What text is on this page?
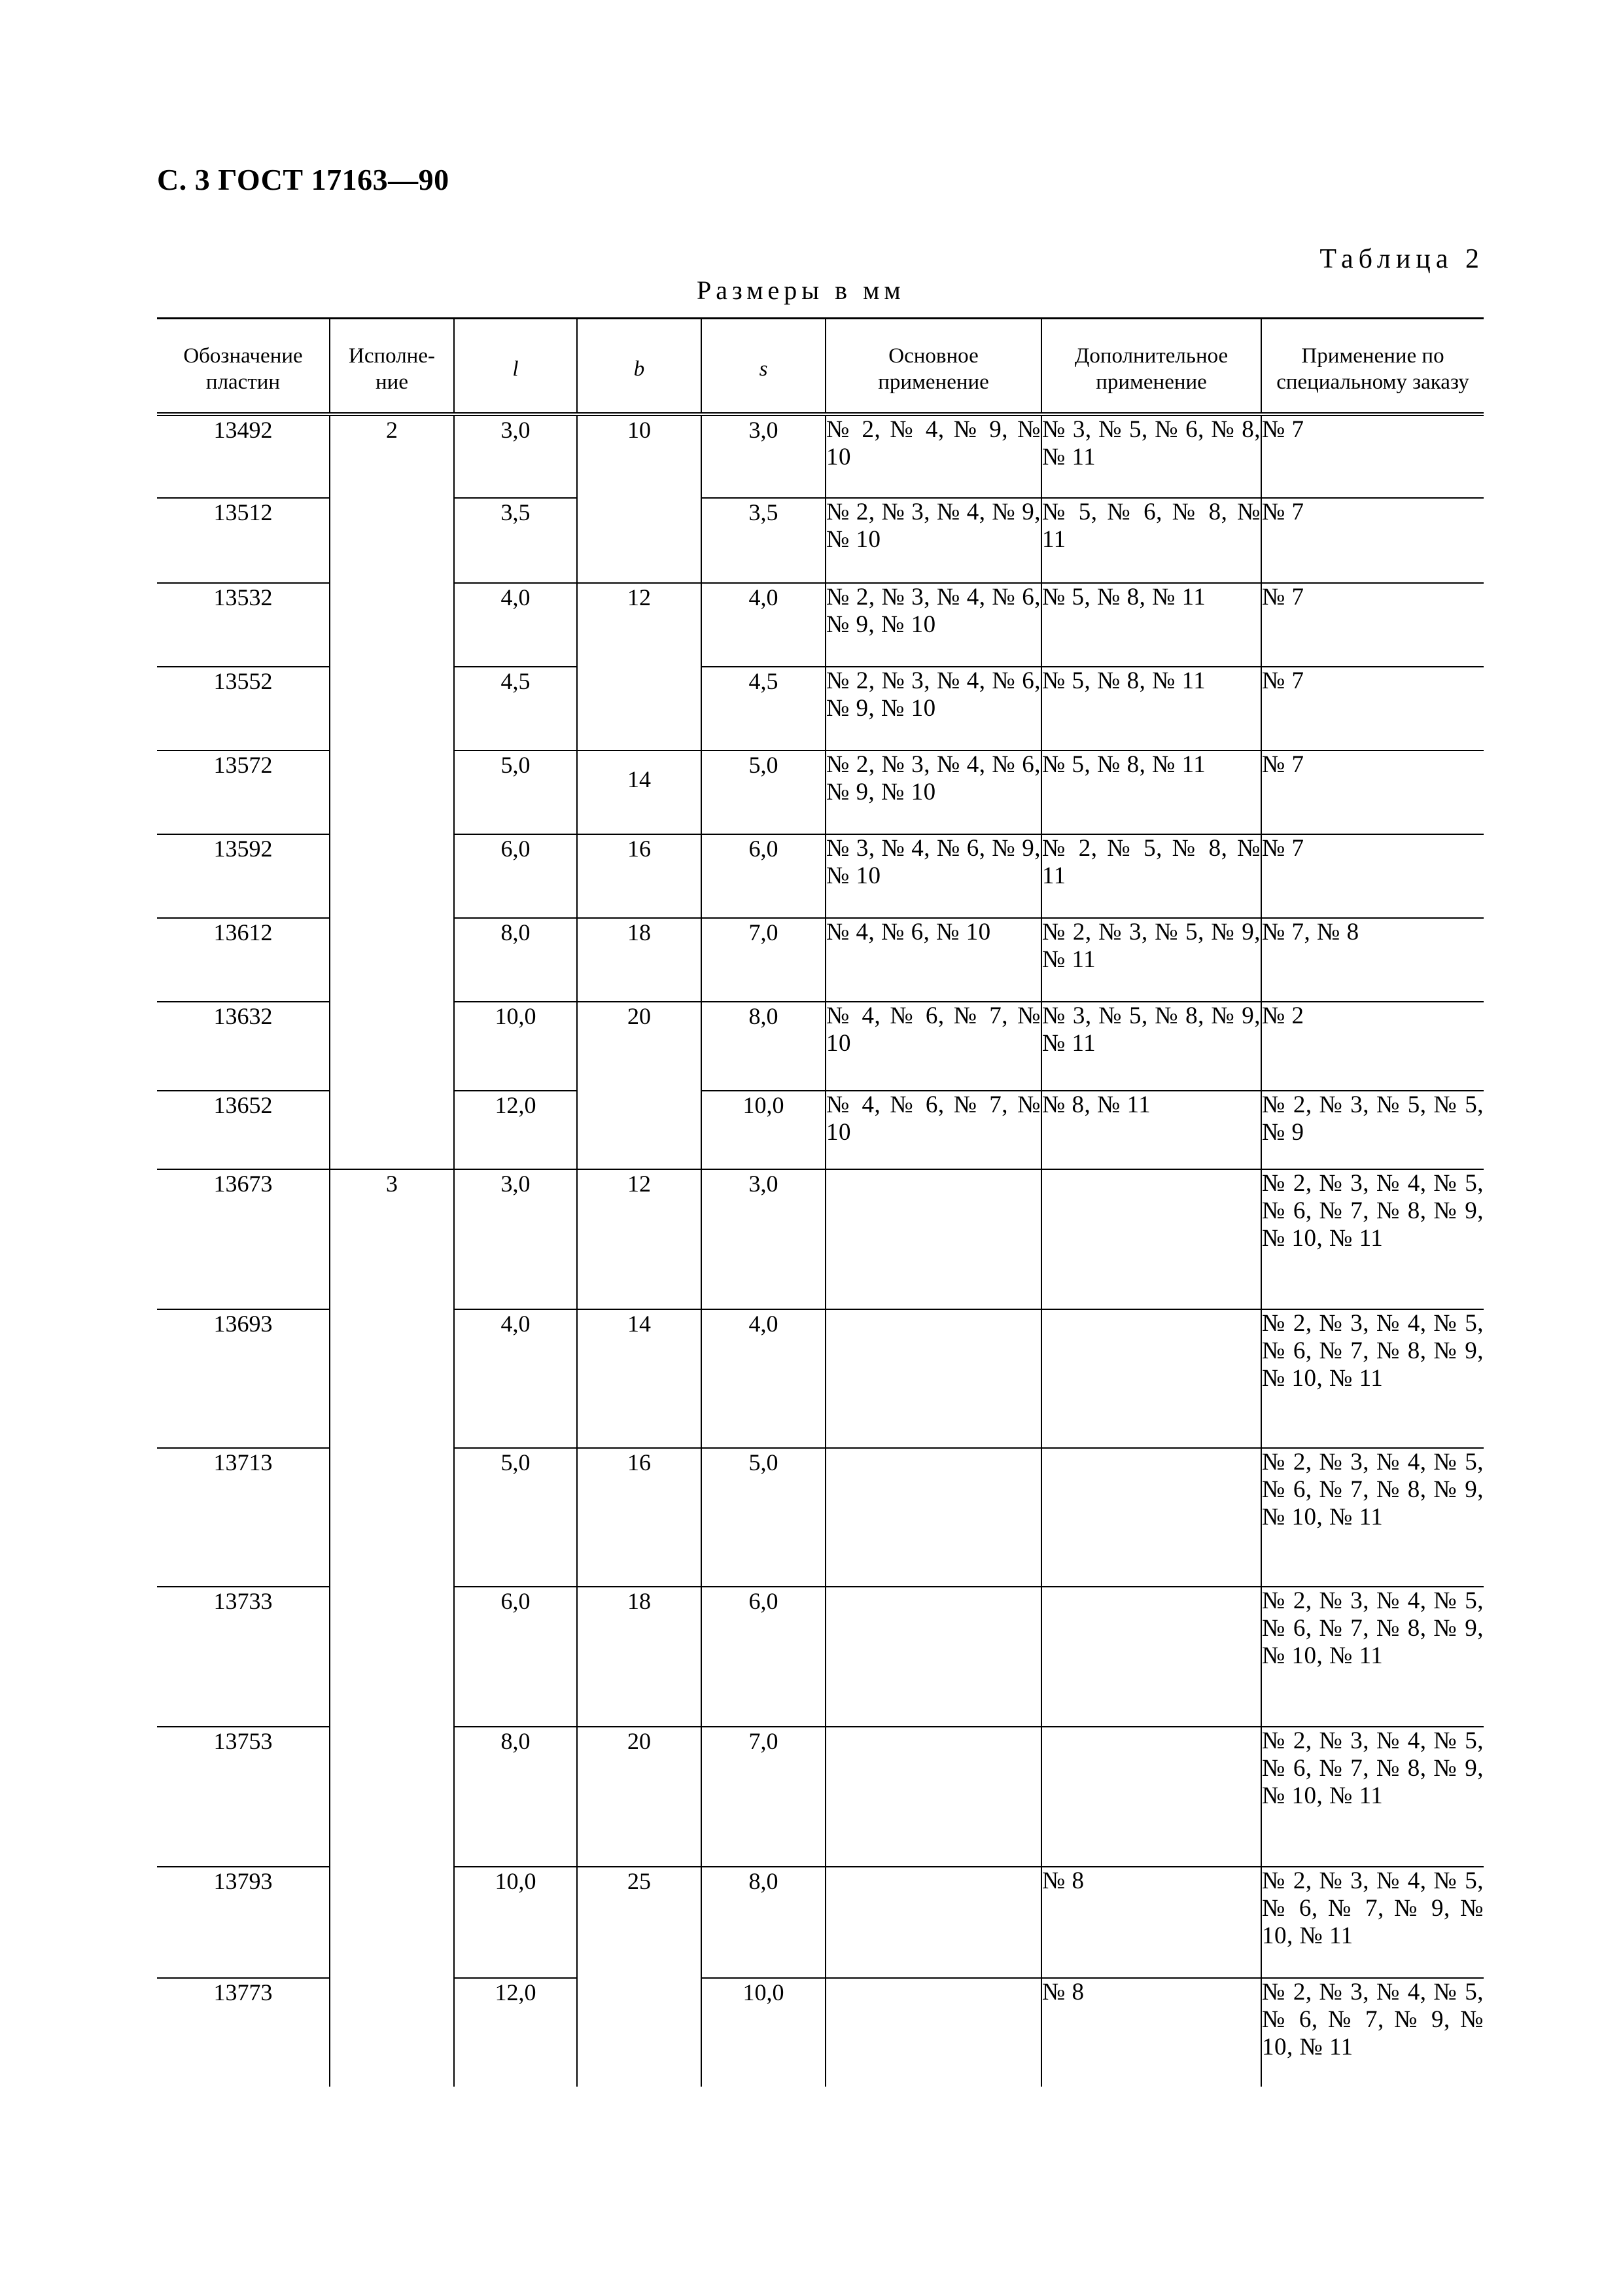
С. 3 ГОСТ 17163—90
Таблица 2
Размеры в мм
Обозначение пластин	Исполне-ние	l	b	s	Основное применение	Дополнительное применение	Применение по специальному заказу
13492	2	3,0	10	3,0	№ 2, № 4, № 9, № 10	№ 3, № 5, № 6, № 8, № 11	№ 7
13512		3,5		3,5	№ 2, № 3, № 4, № 9, № 10	№ 5, № 6, № 8, № 11	№ 7
13532		4,0	12	4,0	№ 2, № 3, № 4, № 6, № 9, № 10	№ 5, № 8, № 11	№ 7
13552		4,5		4,5	№ 2, № 3, № 4, № 6, № 9, № 10	№ 5, № 8, № 11	№ 7
13572		5,0	14	5,0	№ 2, № 3, № 4, № 6, № 9, № 10	№ 5, № 8, № 11	№ 7
13592		6,0	16	6,0	№ 3, № 4, № 6, № 9, № 10	№ 2, № 5, № 8, № 11	№ 7
13612		8,0	18	7,0	№ 4, № 6, № 10	№ 2, № 3, № 5, № 9, № 11	№ 7, № 8
13632		10,0	20	8,0	№ 4, № 6, № 7, № 10	№ 3, № 5, № 8, № 9, № 11	№ 2
13652		12,0		10,0	№ 4, № 6, № 7, № 10	№ 8, № 11	№ 2, № 3, № 5, № 5, № 9
13673	3	3,0	12	3,0			№ 2, № 3, № 4, № 5, № 6, № 7, № 8, № 9, № 10, № 11
13693		4,0	14	4,0			№ 2, № 3, № 4, № 5, № 6, № 7, № 8, № 9, № 10, № 11
13713		5,0	16	5,0			№ 2, № 3, № 4, № 5, № 6, № 7, № 8, № 9, № 10, № 11
13733		6,0	18	6,0			№ 2, № 3, № 4, № 5, № 6, № 7, № 8, № 9, № 10, № 11
13753		8,0	20	7,0			№ 2, № 3, № 4, № 5, № 6, № 7, № 8, № 9, № 10, № 11
13793		10,0	25	8,0		№ 8	№ 2, № 3, № 4, № 5, № 6, № 7, № 9, № 10, № 11
13773		12,0		10,0		№ 8	№ 2, № 3, № 4, № 5, № 6, № 7, № 9, № 10, № 11
